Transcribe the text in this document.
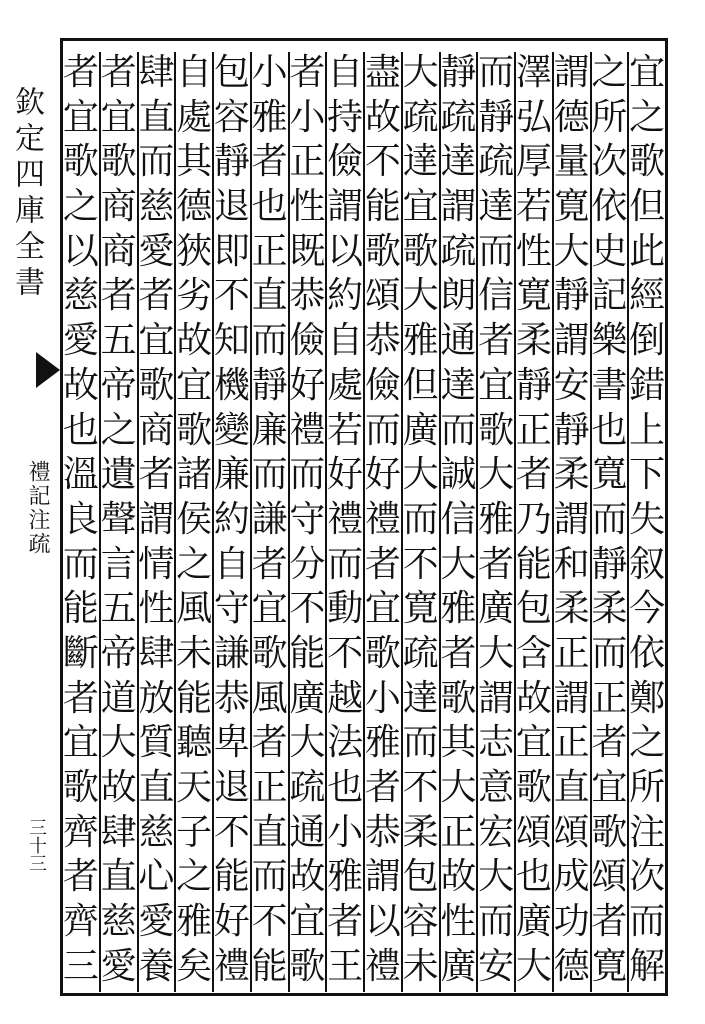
欽定四庫全書
禮記注疏
三十三
宜
之
歌
但
此
經
倒
錯
上
下
失
叙
今
依
鄭
之
所
注
次
而
解
之
所
次
依
史
記
樂
書
也
寬
而
靜
柔
而
正
者
宜
歌
頌
者
寛
謂
德
量
寛
大
靜
謂
安
靜
柔
謂
和
柔
正
謂
正
直
頌
成
功
德
澤
弘
厚
若
性
寛
柔
靜
正
者
乃
能
包
含
故
宜
歌
頌
也
廣
大
而
靜
疏
達
而
信
者
宜
歌
大
雅
者
廣
大
謂
志
意
宏
大
而
安
靜
疏
達
謂
疏
朗
通
達
而
誠
信
大
雅
者
歌
其
大
正
故
性
廣
大
疏
達
宜
歌
大
雅
但
廣
大
而
不
寛
疏
達
而
不
柔
包
容
未
盡
故
不
能
歌
頌
恭
儉
而
好
禮
者
宜
歌
小
雅
者
恭
謂
以
禮
自
持
儉
謂
以
約
自
處
若
好
禮
而
動
不
越
法
也
小
雅
者
王
者
小
正
性
既
恭
儉
好
禮
而
守
分
不
能
廣
大
疏
通
故
宜
歌
小
雅
者
也
正
直
而
靜
廉
而
謙
者
宜
歌
風
者
正
直
而
不
能
包
容
靜
退
即
不
知
機
變
廉
約
自
守
謙
恭
卑
退
不
能
好
禮
自
處
其
德
狹
劣
故
宜
歌
諸
侯
之
風
未
能
聽
天
子
之
雅
矣
肆
直
而
慈
愛
者
宜
歌
商
者
謂
情
性
肆
放
質
直
慈
心
愛
養
者
宜
歌
商
商
者
五
帝
之
遺
聲
言
五
帝
道
大
故
肆
直
慈
愛
者
宜
歌
之
以
慈
愛
故
也
溫
良
而
能
斷
者
宜
歌
齊
者
齊
三
